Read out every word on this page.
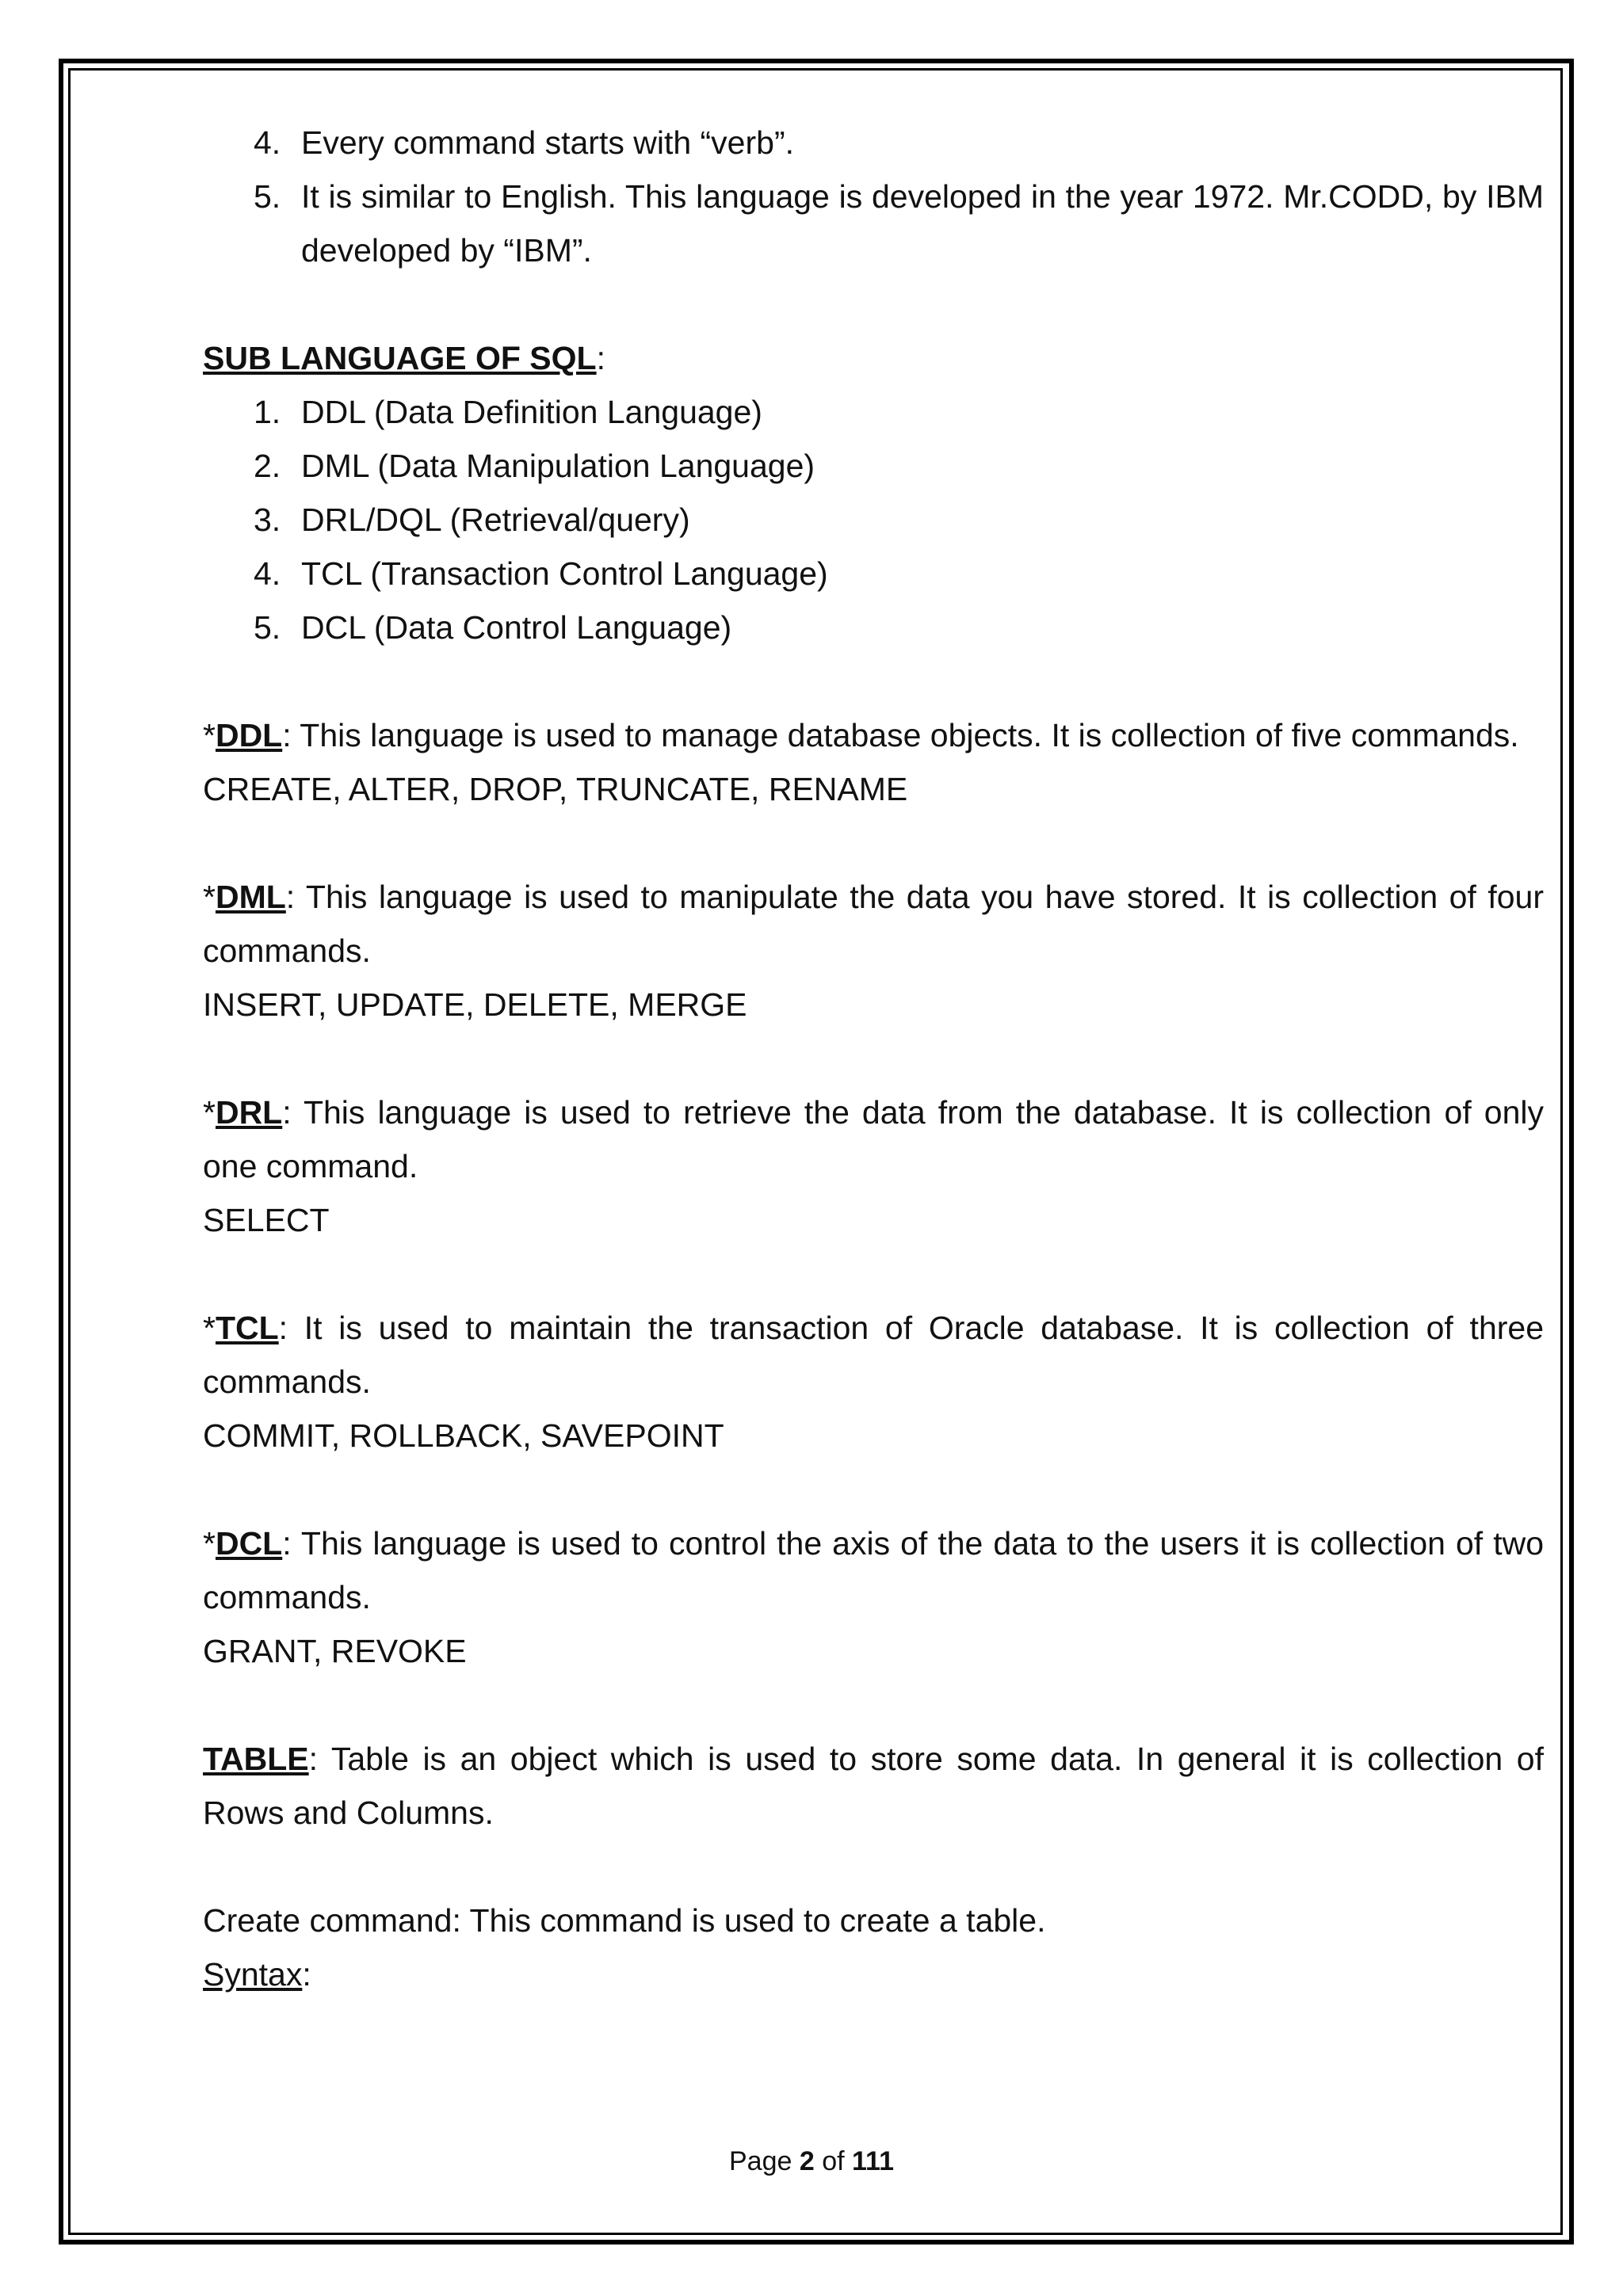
4. Every command starts with “verb”.
5. It is similar to English. This language is developed in the year 1972. Mr.CODD, by IBM developed by “IBM”.
SUB LANGUAGE OF SQL:
1. DDL (Data Definition Language)
2. DML (Data Manipulation Language)
3. DRL/DQL (Retrieval/query)
4. TCL (Transaction Control Language)
5. DCL (Data Control Language)
*DDL: This language is used to manage database objects. It is collection of five commands.
CREATE, ALTER, DROP, TRUNCATE, RENAME
*DML: This language is used to manipulate the data you have stored. It is collection of four commands.
INSERT, UPDATE, DELETE, MERGE
*DRL: This language is used to retrieve the data from the database. It is collection of only one command.
SELECT
*TCL: It is used to maintain the transaction of Oracle database. It is collection of three commands.
COMMIT, ROLLBACK, SAVEPOINT
*DCL: This language is used to control the axis of the data to the users it is collection of two commands.
GRANT, REVOKE
TABLE: Table is an object which is used to store some data. In general it is collection of Rows and Columns.
Create command: This command is used to create a table.
Syntax:
Page 2 of 111
